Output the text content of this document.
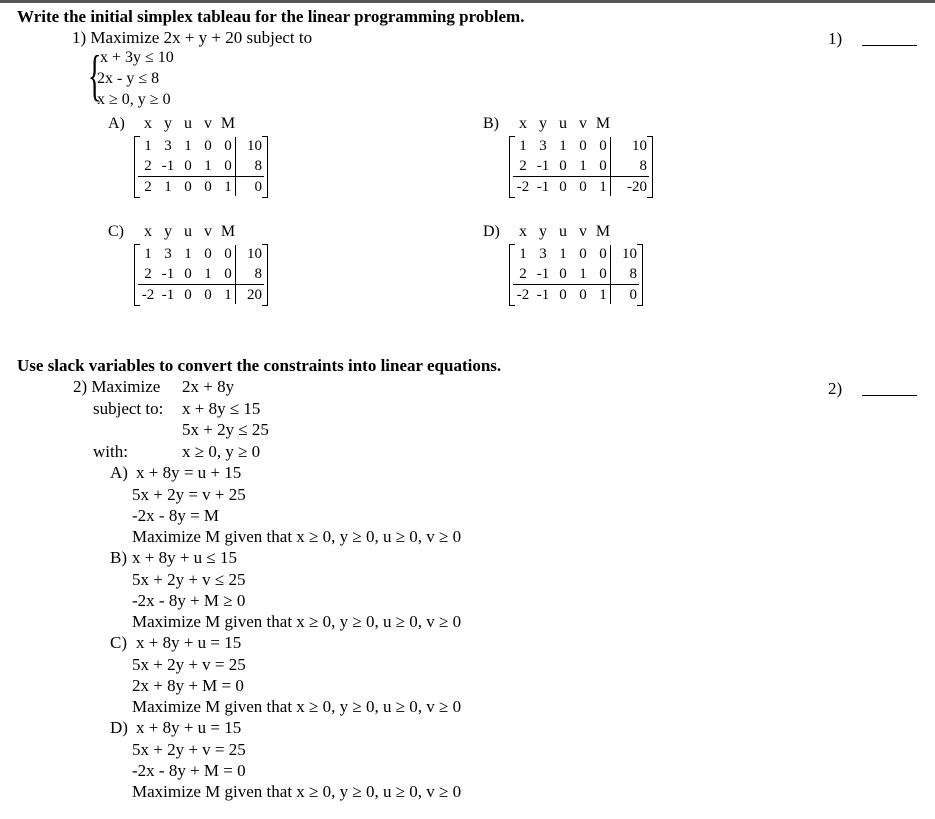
Write the initial simplex tableau for the linear programming problem.
1) Maximize 2x + y + 20 subject to	1)
{
x + 3y ≤ 10
2x - y ≤ 8
x ≥ 0, y ≥ 0
A)	x y u v M
1 3 1 0 0	10
2 -1 0 1 0	8
2 1 0 0 1	0
B)	x y u v M
1 3 1 0 0	10
2 -1 0 1 0	8
-2 -1 0 0 1	-20
C)	x y u v M
1 3 1 0 0	10
2 -1 0 1 0	8
-2 -1 0 0 1	20
D)	x y u v M
1 3 1 0 0	10
2 -1 0 1 0	8
-2 -1 0 0 1	0
Use slack variables to convert the constraints into linear equations.
2) Maximize 2x + 8y	2)
subject to: x + 8y ≤ 15
5x + 2y ≤ 25
with:	x ≥ 0, y ≥ 0
A) x + 8y = u + 15
5x + 2y = v + 25
-2x - 8y = M
Maximize M given that x ≥ 0, y ≥ 0, u ≥ 0, v ≥ 0
B) x + 8y + u ≤ 15
5x + 2y + v ≤ 25
-2x - 8y + M ≥ 0
Maximize M given that x ≥ 0, y ≥ 0, u ≥ 0, v ≥ 0
C) x + 8y + u = 15
5x + 2y + v = 25
2x + 8y + M = 0
Maximize M given that x ≥ 0, y ≥ 0, u ≥ 0, v ≥ 0
D) x + 8y + u = 15
5x + 2y + v = 25
-2x - 8y + M = 0
Maximize M given that x ≥ 0, y ≥ 0, u ≥ 0, v ≥ 0
